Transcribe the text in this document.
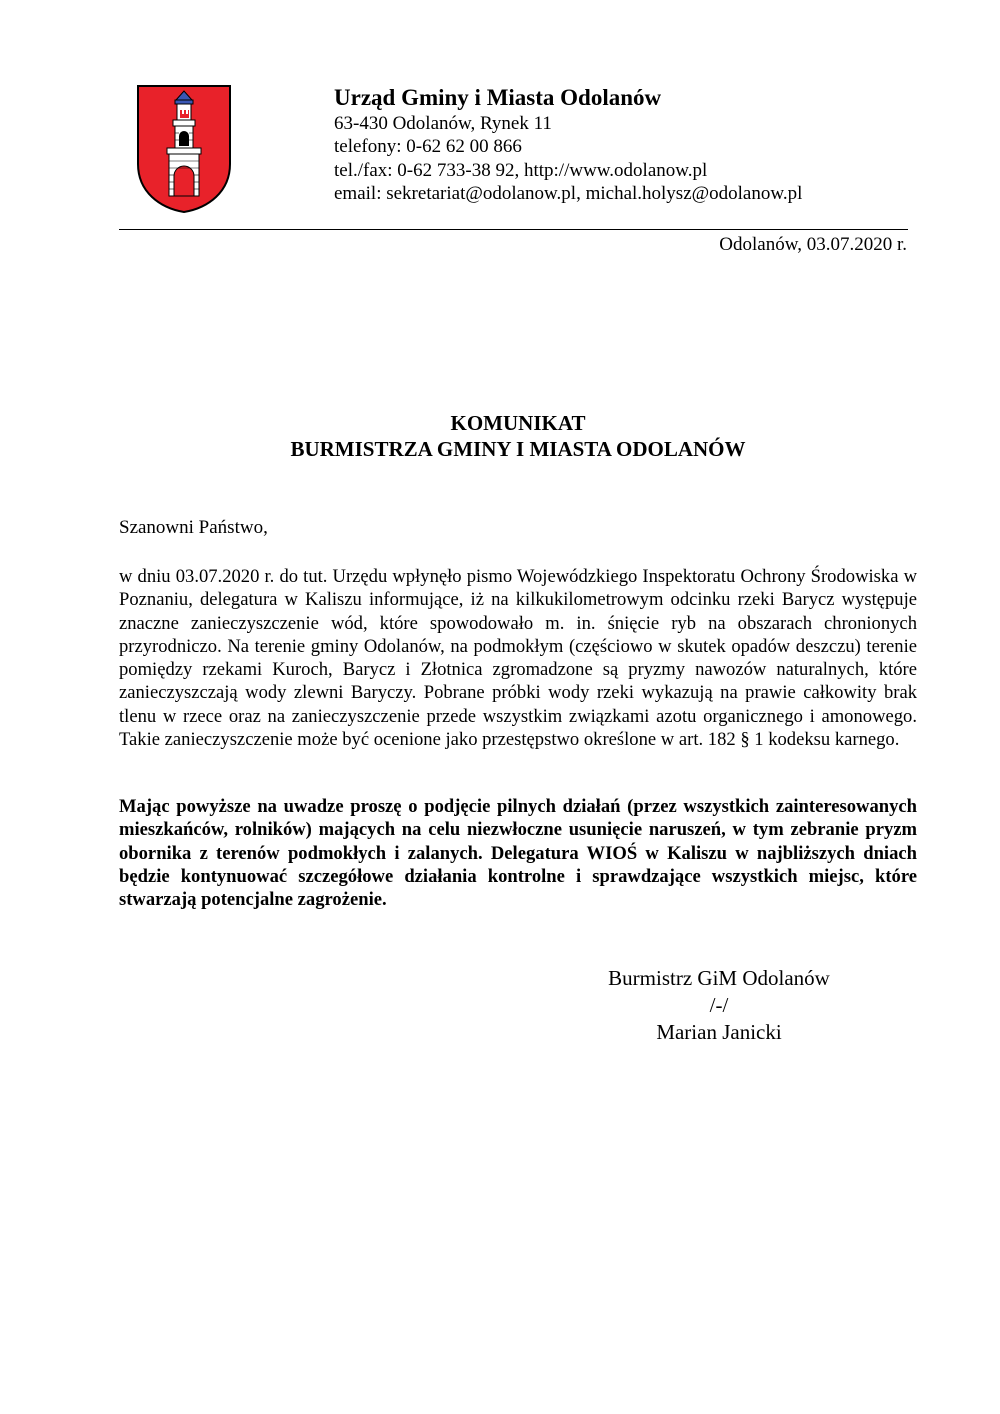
Urząd Gminy i Miasta Odolanów

63-430 Odolanów, Rynek 11

telefony: 0-62 62 00 866

tel./fax: 0-62 733-38 92, http://www.odolanow.pl

email: sekretariat@odolanow.pl, michal.holysz@odolanow.pl

Odolanów, 03.07.2020 r.

KOMUNIKAT

BURMISTRZA GMINY I MIASTA ODOLANÓW

Szanowni Państwo,

w dniu 03.07.2020 r. do tut. Urzędu wpłynęło pismo Wojewódzkiego Inspektoratu Ochrony Środowiska w Poznaniu, delegatura w Kaliszu informujące, iż na kilkukilometrowym odcinku rzeki Barycz występuje znaczne zanieczyszczenie wód, które spowodowało m. in. śnięcie ryb na obszarach chronionych przyrodniczo. Na terenie gminy Odolanów, na podmokłym (częściowo w skutek opadów deszczu) terenie pomiędzy rzekami Kuroch, Barycz i Złotnica zgromadzone są pryzmy nawozów naturalnych, które zanieczyszczają wody zlewni Baryczy. Pobrane próbki wody rzeki wykazują na prawie całkowity brak tlenu w rzece oraz na zanieczyszczenie przede wszystkim związkami azotu organicznego i amonowego. Takie zanieczyszczenie może być ocenione jako przestępstwo określone w art. 182 § 1 kodeksu karnego.

Mając powyższe na uwadze proszę o podjęcie pilnych działań (przez wszystkich zainteresowanych mieszkańców, rolników) mających na celu niezwłoczne usunięcie naruszeń, w tym zebranie pryzm obornika z terenów podmokłych i zalanych. Delegatura WIOŚ w Kaliszu w najbliższych dniach będzie kontynuować szczegółowe działania kontrolne i sprawdzające wszystkich miejsc, które stwarzają potencjalne zagrożenie.

Burmistrz GiM Odolanów

/-/

Marian Janicki
